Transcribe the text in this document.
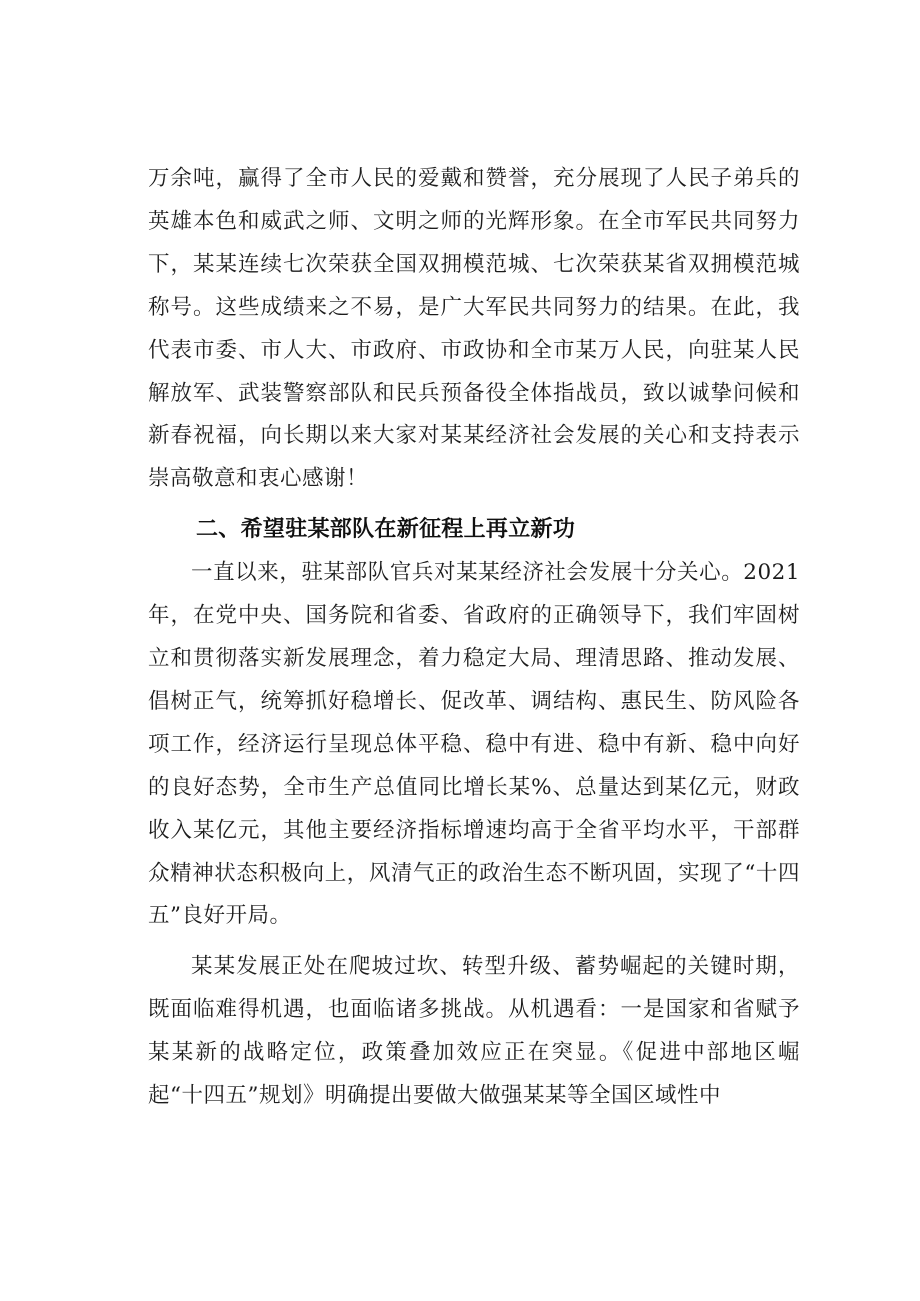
万余吨，赢得了全市人民的爱戴和赞誉，充分展现了人民子弟兵的英雄本色和威武之师、文明之师的光辉形象。在全市军民共同努力下，某某连续七次荣获全国双拥模范城、七次荣获某省双拥模范城称号。这些成绩来之不易，是广大军民共同努力的结果。在此，我代表市委、市人大、市政府、市政协和全市某万人民，向驻某人民解放军、武装警察部队和民兵预备役全体指战员，致以诚挚问候和新春祝福，向长期以来大家对某某经济社会发展的关心和支持表示崇高敬意和衷心感谢！

二、希望驻某部队在新征程上再立新功

一直以来，驻某部队官兵对某某经济社会发展十分关心。2021年，在党中央、国务院和省委、省政府的正确领导下，我们牢固树立和贯彻落实新发展理念，着力稳定大局、理清思路、推动发展、倡树正气，统筹抓好稳增长、促改革、调结构、惠民生、防风险各项工作，经济运行呈现总体平稳、稳中有进、稳中有新、稳中向好的良好态势，全市生产总值同比增长某%、总量达到某亿元，财政收入某亿元，其他主要经济指标增速均高于全省平均水平，干部群众精神状态积极向上，风清气正的政治生态不断巩固，实现了“十四五”良好开局。

某某发展正处在爬坡过坎、转型升级、蓄势崛起的关键时期，既面临难得机遇，也面临诸多挑战。从机遇看：一是国家和省赋予某某新的战略定位，政策叠加效应正在突显。《促进中部地区崛起“十四五”规划》明确提出要做大做强某某等全国区域性中
